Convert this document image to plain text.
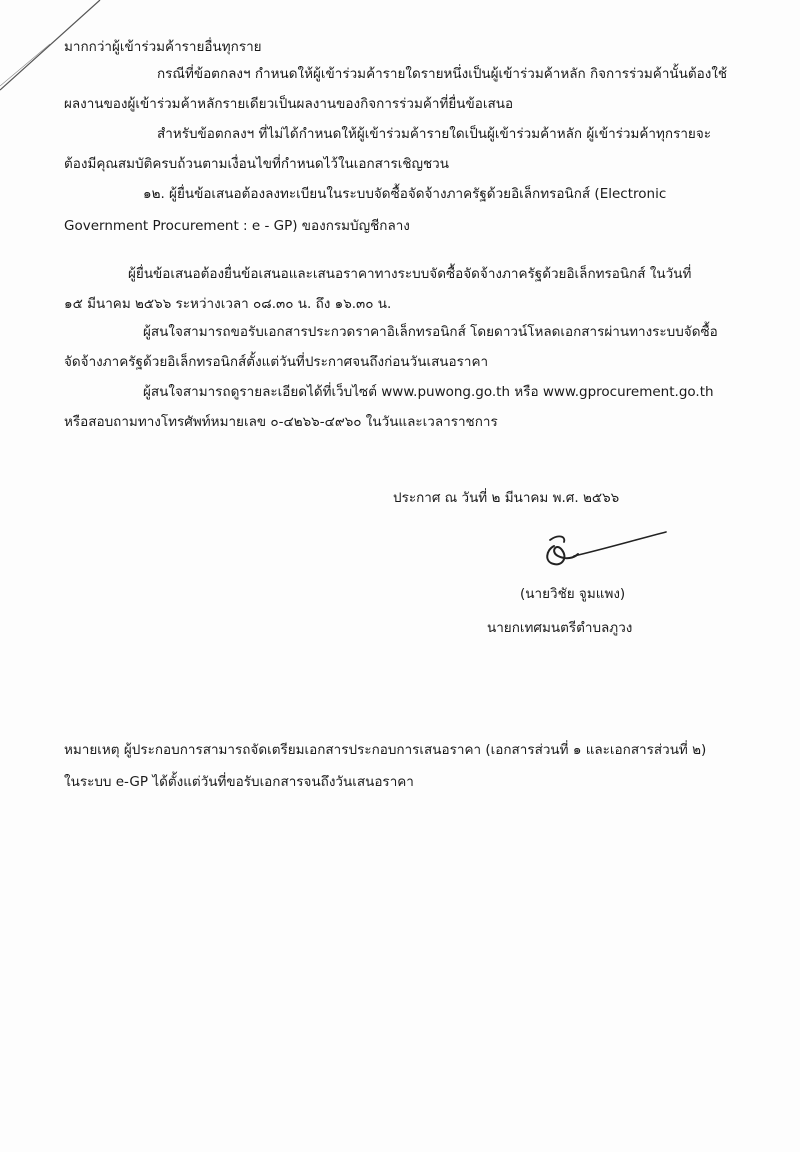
มากกว่าผู้เข้าร่วมค้ารายอื่นทุกราย
กรณีที่ข้อตกลงฯ กำหนดให้ผู้เข้าร่วมค้ารายใดรายหนึ่งเป็นผู้เข้าร่วมค้าหลัก กิจการร่วมค้านั้นต้องใช้
ผลงานของผู้เข้าร่วมค้าหลักรายเดียวเป็นผลงานของกิจการร่วมค้าที่ยื่นข้อเสนอ
สำหรับข้อตกลงฯ ที่ไม่ได้กำหนดให้ผู้เข้าร่วมค้ารายใดเป็นผู้เข้าร่วมค้าหลัก ผู้เข้าร่วมค้าทุกรายจะ
ต้องมีคุณสมบัติครบถ้วนตามเงื่อนไขที่กำหนดไว้ในเอกสารเชิญชวน
๑๒. ผู้ยื่นข้อเสนอต้องลงทะเบียนในระบบจัดซื้อจัดจ้างภาครัฐด้วยอิเล็กทรอนิกส์ (Electronic
Government Procurement : e - GP) ของกรมบัญชีกลาง
ผู้ยื่นข้อเสนอต้องยื่นข้อเสนอและเสนอราคาทางระบบจัดซื้อจัดจ้างภาครัฐด้วยอิเล็กทรอนิกส์ ในวันที่
๑๕ มีนาคม ๒๕๖๖ ระหว่างเวลา ๐๘.๓๐ น. ถึง ๑๖.๓๐ น.
ผู้สนใจสามารถขอรับเอกสารประกวดราคาอิเล็กทรอนิกส์ โดยดาวน์โหลดเอกสารผ่านทางระบบจัดซื้อ
จัดจ้างภาครัฐด้วยอิเล็กทรอนิกส์ตั้งแต่วันที่ประกาศจนถึงก่อนวันเสนอราคา
ผู้สนใจสามารถดูรายละเอียดได้ที่เว็บไซต์ www.puwong.go.th หรือ www.gprocurement.go.th
หรือสอบถามทางโทรศัพท์หมายเลข ๐-๔๒๖๖-๔๙๖๐ ในวันและเวลาราชการ
ประกาศ ณ วันที่ ๒ มีนาคม พ.ศ. ๒๕๖๖
(นายวิชัย จูมแพง)
นายกเทศมนตรีตำบลภูวง
หมายเหตุ ผู้ประกอบการสามารถจัดเตรียมเอกสารประกอบการเสนอราคา (เอกสารส่วนที่ ๑ และเอกสารส่วนที่ ๒)
ในระบบ e-GP ได้ตั้งแต่วันที่ขอรับเอกสารจนถึงวันเสนอราคา
